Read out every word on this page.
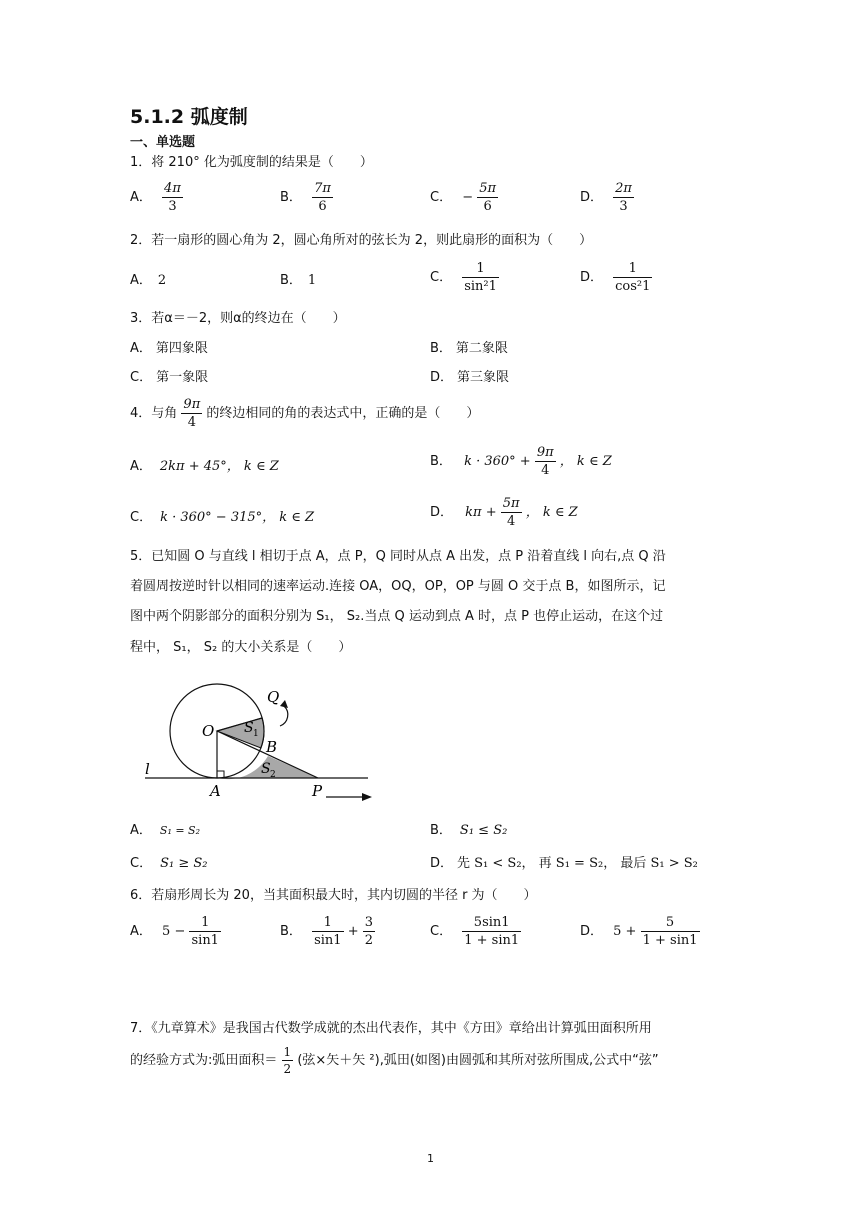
5.1.2 弧度制
一、单选题
1．将 210° 化为弧度制的结果是（　　）
A． $\frac{4\pi}{3}$	B． $\frac{7\pi}{6}$	C． − $\frac{5\pi}{6}$	D． $\frac{2\pi}{3}$
2．若一扇形的圆心角为 2，圆心角所对的弦长为 2，则此扇形的面积为（　　）
A． 2	B． 1	C． $\frac{1}{\text{sin²1}}$	D． $\frac{1}{\text{cos²1}}$
3．若α＝－2，则α的终边在（　　）
A． 第四象限	B． 第二象限
C． 第一象限	D． 第三象限
4．与角 $\frac{9\pi}{4}$ 的终边相同的角的表达式中，正确的是（　　）
A． 2kπ + 45°， k ∈ Z	B． $k \cdot 360^\circ + \frac{9\pi}{4}$ ， k ∈ Z
C． k · 360° − 315°， k ∈ Z	D． $k\pi + \frac{5\pi}{4}$ ， k ∈ Z
5．已知圆 O 与直线 l 相切于点 A，点 P，Q 同时从点 A 出发，点 P 沿着直线 l 向右,点 Q 沿
着圆周按逆时针以相同的速率运动.连接 OA，OQ，OP，OP 与圆 O 交于点 B，如图所示，记
图中两个阴影部分的面积分别为 S₁， S₂.当点 Q 运动到点 A 时，点 P 也停止运动，在这个过
程中， S₁， S₂ 的大小关系是（　　）
O
Q
S 1
B
S 2
A	P
l
A． S₁ = S₂	B． S₁ ≤ S₂
C． S₁ ≥ S₂	D． 先 S₁ < S₂， 再 S₁ = S₂， 最后 S₁ > S₂
6．若扇形周长为 20，当其面积最大时，其内切圆的半径 r 为（　　）
A． $5 - \frac{1}{\sin 1}$	B． $\frac{1}{\sin 1} + \frac{3}{2}$	C． $\frac{5\sin 1}{1 + \sin 1}$	D． $5 + \frac{5}{1 + \sin 1}$
7．《九章算术》是我国古代数学成就的杰出代表作，其中《方田》章给出计算弧田面积所用
的经验方式为:弧田面积＝ $\frac{1}{2}$ (弦×矢＋矢 ²),弧田(如图)由圆弧和其所对弦所围成,公式中“弦”
1
